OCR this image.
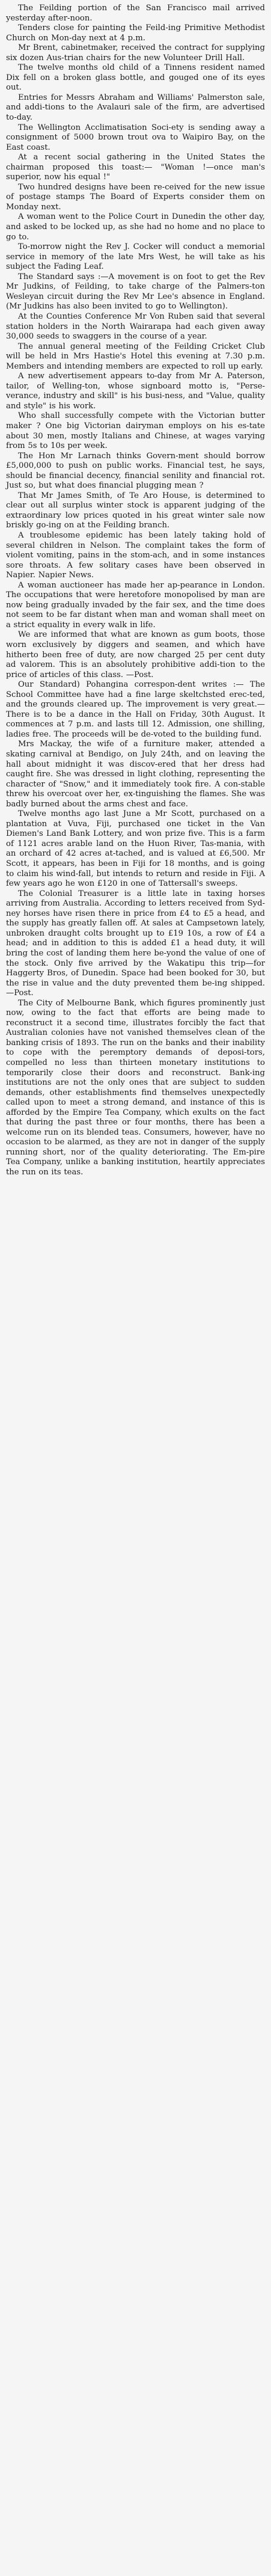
The Feilding portion of the San Francisco mail arrived yesterday after-noon.

Tenders close for painting the Feild-ing Primitive Methodist Church on Mon-day next at 4 p.m.

Mr Brent, cabinetmaker, received the contract for supplying six dozen Aus-trian chairs for the new Volunteer Drill Hall.

The twelve months old child of a Tinnens resident named Dix fell on a broken glass bottle, and gouged one of its eyes out.

Entries for Messrs Abraham and Williams' Palmerston sale, and addi-tions to the Avalauri sale of the firm, are advertised to-day.

The Wellington Acclimatisation Soci-ety is sending away a consignment of 5000 brown trout ova to Waipiro Bay, on the East coast.

At a recent social gathering in the United States the chairman proposed this toast:— "Woman !—once man's superior, now his equal !"

Two hundred designs have been re-ceived for the new issue of postage stamps The Board of Experts consider them on Monday next.

A woman went to the Police Court in Dunedin the other day, and asked to be locked up, as she had no home and no place to go to.

To-morrow night the Rev J. Cocker will conduct a memorial service in memory of the late Mrs West, he will take as his subject the Fading Leaf.

The Standard says :—A movement is on foot to get the Rev Mr Judkins, of Feilding, to take charge of the Palmers-ton Wesleyan circuit during the Rev Mr Lee's absence in England. (Mr Judkins has also been invited to go to Wellington).

At the Counties Conference Mr Von Ruben said that several station holders in the North Wairarapa had each given away 30,000 seeds to swaggers in the course of a year.

The annual general meeting of the Feilding Cricket Club will be held in Mrs Hastie's Hotel this evening at 7.30 p.m. Members and intending members are expected to roll up early.

A new advertisement appears to-day from Mr A. Paterson, tailor, of Welling-ton, whose signboard motto is, "Perse-verance, industry and skill" is his busi-ness, and "Value, quality and style" is his work.

Who shall successfully compete with the Victorian butter maker ? One big Victorian dairyman employs on his es-tate about 30 men, mostly Italians and Chinese, at wages varying from 5s to 10s per week.

The Hon Mr Larnach thinks Govern-ment should borrow £5,000,000 to push on public works. Financial test, he says, should be financial decency, financial senility and financial rot. Just so, but what does financial plugging mean ?

That Mr James Smith, of Te Aro House, is determined to clear out all surplus winter stock is apparent judging of the extraordinary low prices quoted in his great winter sale now briskly go-ing on at the Feilding branch.

A troublesome epidemic has been lately taking hold of several children in Nelson. The complaint takes the form of violent vomiting, pains in the stom-ach, and in some instances sore throats. A few solitary cases have been observed in Napier. Napier News.

A woman auctioneer has made her ap-pearance in London. The occupations that were heretofore monopolised by man are now being gradually invaded by the fair sex, and the time does not seem to be far distant when man and woman shall meet on a strict equality in every walk in life.

We are informed that what are known as gum boots, those worn exclusively by diggers and seamen, and which have hitherto been free of duty, are now charged 25 per cent duty ad valorem. This is an absolutely prohibitive addi-tion to the price of articles of this class. —Post.

Our Standard) Pohangina correspon-dent writes :— The School Committee have had a fine large skeltchsted erec-ted, and the grounds cleared up. The improvement is very great.—There is to be a dance in the Hall on Friday, 30th August. It commences at 7 p.m. and lasts till 12. Admission, one shilling, ladies free. The proceeds will be de-voted to the building fund.

Mrs Mackay, the wife of a furniture maker, attended a skating carnival at Bendigo, on July 24th, and on leaving the hall about midnight it was discov-ered that her dress had caught fire. She was dressed in light clothing, representing the character of "Snow," and it immediately took fire. A con-stable threw his overcoat over her, ex-tinguishing the flames. She was badly burned about the arms chest and face.

Twelve months ago last June a Mr Scott, purchased on a plantation at Vuva, Fiji, purchased one ticket in the Van Diemen's Land Bank Lottery, and won prize five. This is a farm of 1121 acres arable land on the Huon River, Tas-mania, with an orchard of 42 acres at-tached, and is valued at £6,500. Mr Scott, it appears, has been in Fiji for 18 months, and is going to claim his wind-fall, but intends to return and reside in Fiji. A few years ago he won £120 in one of Tattersall's sweeps.

The Colonial Treasurer is a little late in taxing horses arriving from Australia. According to letters received from Syd-ney horses have risen there in price from £4 to £5 a head, and the supply has greatly fallen off. At sales at Campsetown lately, unbroken draught colts brought up to £19 10s, a row of £4 a head; and in addition to this is added £1 a head duty, it will bring the cost of landing them here be-yond the value of one of the stock. Only five arrived by the Wakatipu this trip—for Haggerty Bros, of Dunedin. Space had been booked for 30, but the rise in value and the duty prevented them be-ing shipped.—Post.

The City of Melbourne Bank, which figures prominently just now, owing to the fact that efforts are being made to reconstruct it a second time, illustrates forcibly the fact that Australian colonies have not vanished themselves clean of the banking crisis of 1893. The run on the banks and their inability to cope with the peremptory demands of deposi-tors, compelled no less than thirteen monetary institutions to temporarily close their doors and reconstruct. Bank-ing institutions are not the only ones that are subject to sudden demands, other establishments find themselves unexpectedly called upon to meet a strong demand, and instance of this is afforded by the Empire Tea Company, which exults on the fact that during the past three or four months, there has been a welcome run on its blended teas. Consumers, however, have no occasion to be alarmed, as they are not in danger of the supply running short, nor of the quality deteriorating. The Em-pire Tea Company, unlike a banking institution, heartily appreciates the run on its teas.
